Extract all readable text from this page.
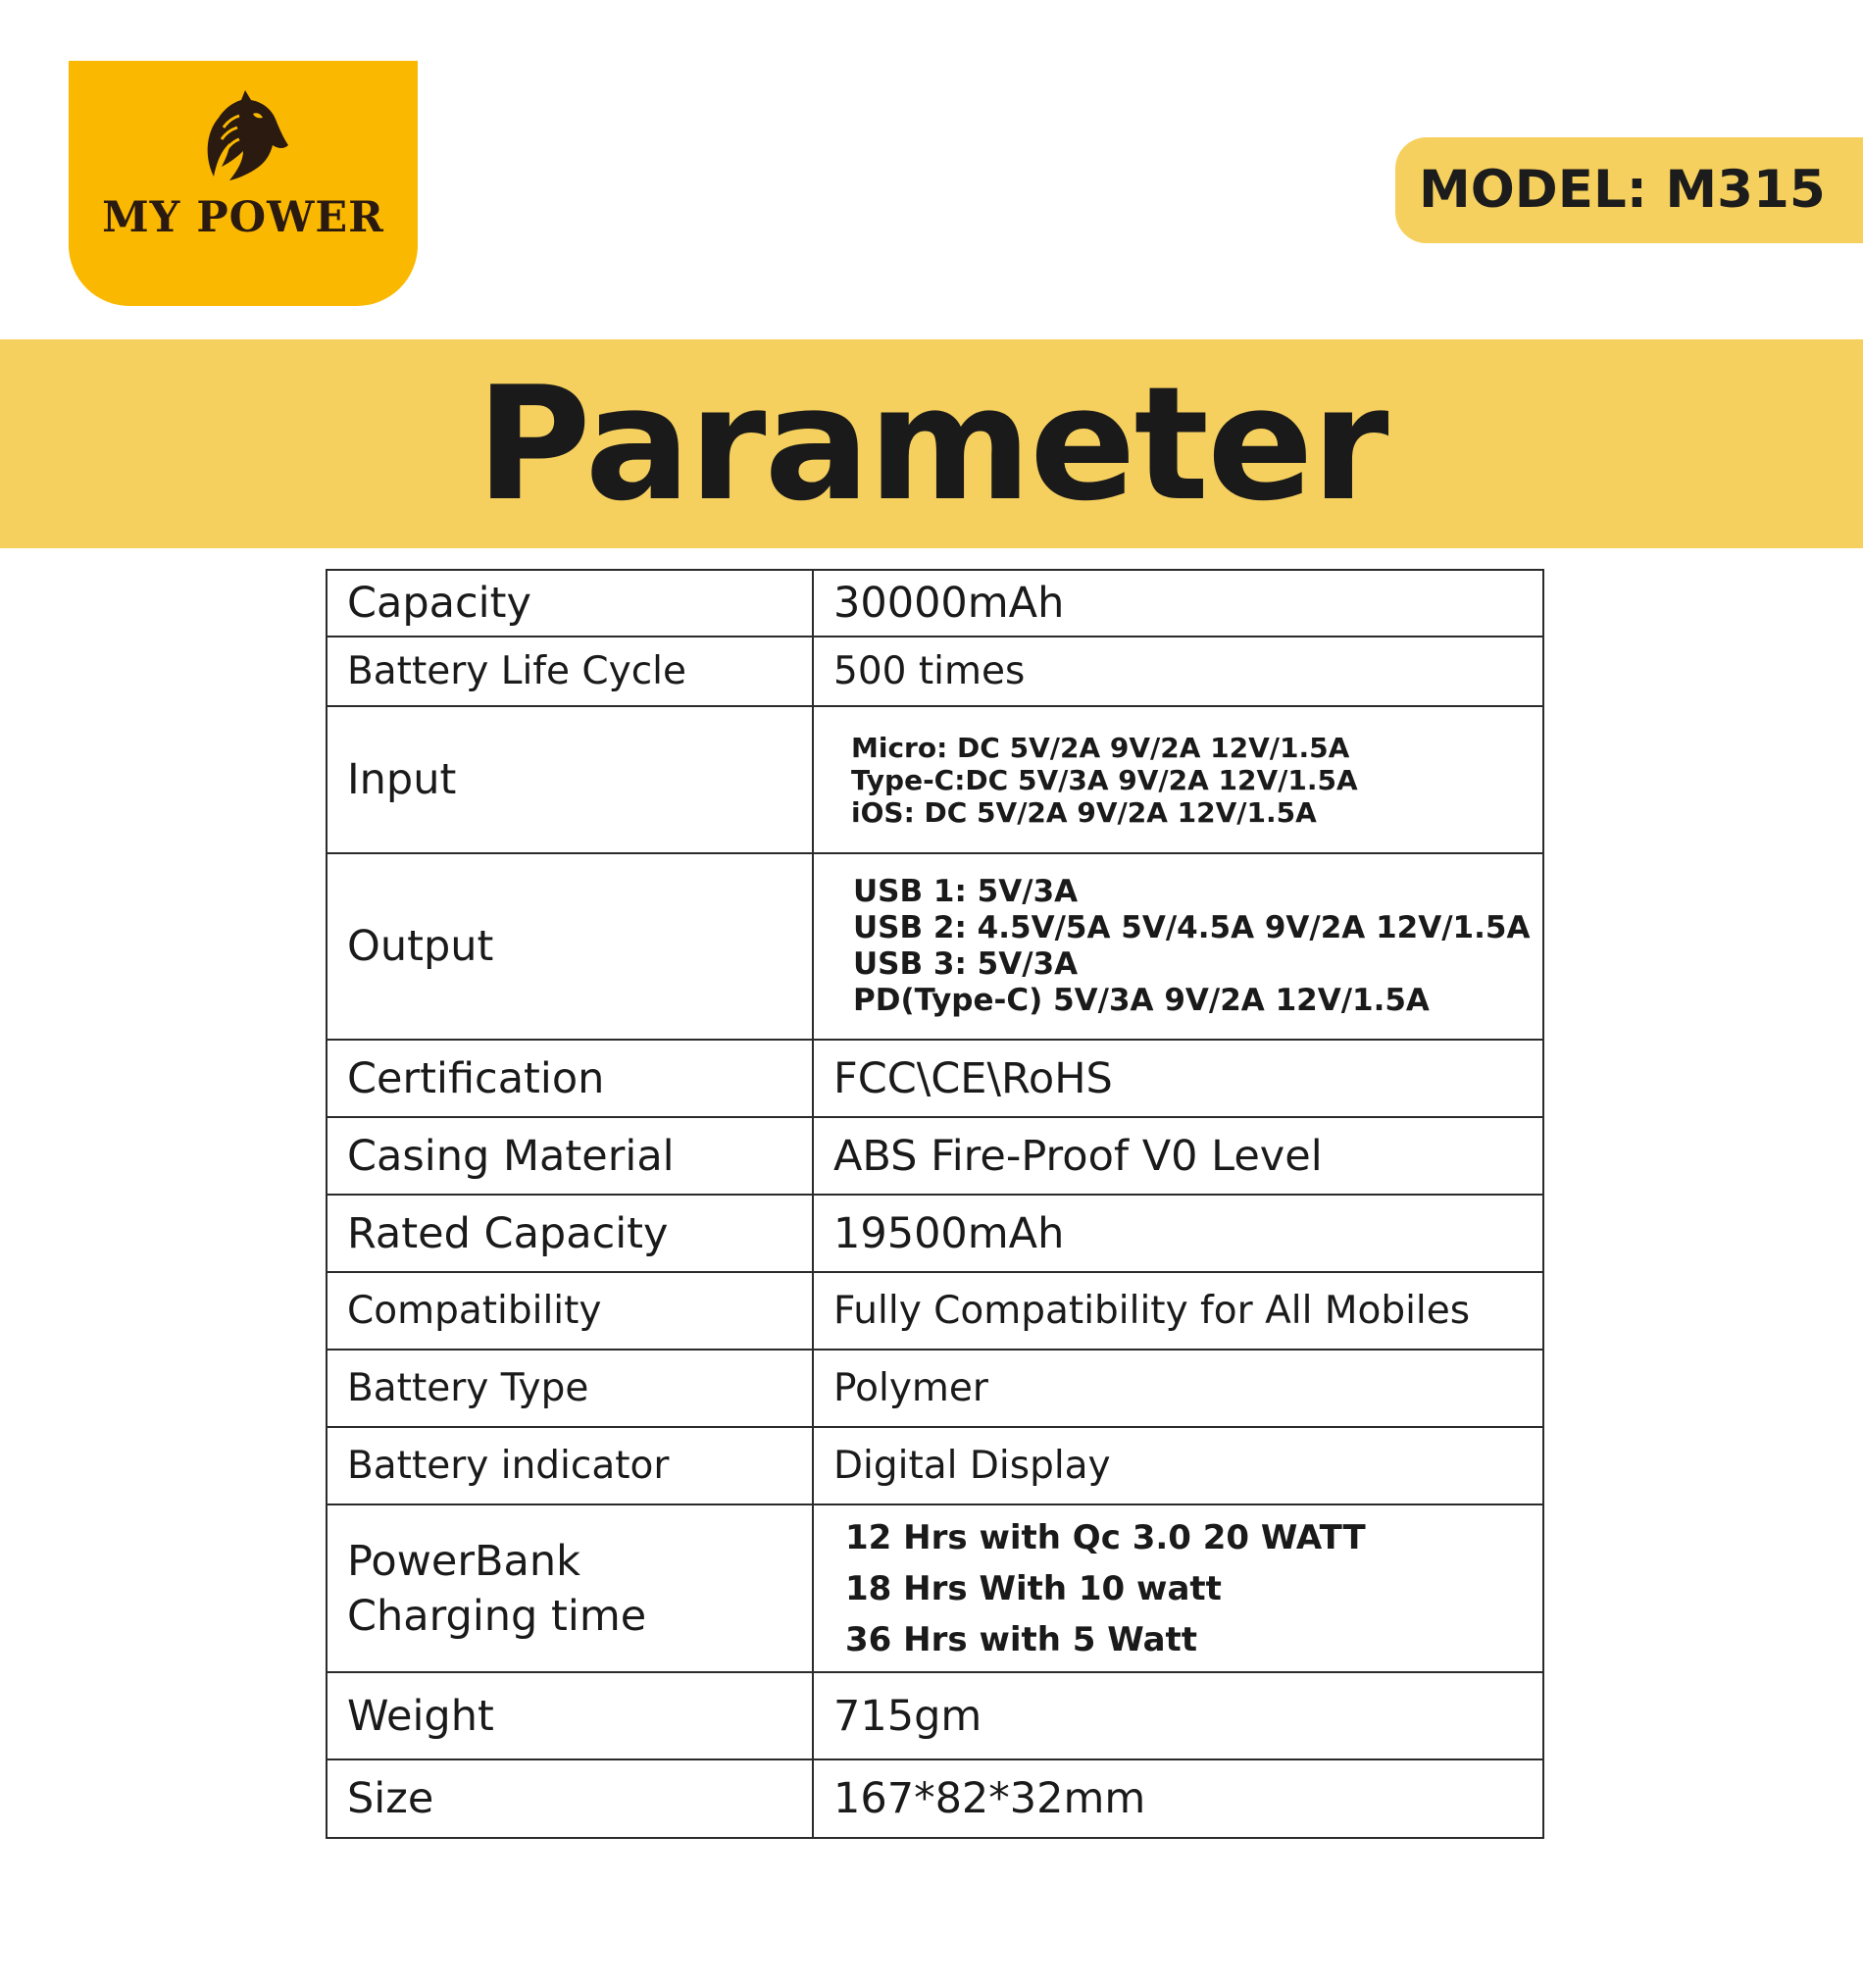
MY POWER	MODEL: M315
Parameter
Capacity	30000mAh
Battery Life Cycle	500 times
Input	Micro: DC 5V/2A 9V/2A 12V/1.5A
Type-C:DC 5V/3A 9V/2A 12V/1.5A
iOS: DC 5V/2A 9V/2A 12V/1.5A

Output	USB 1: 5V/3A
USB 2: 4.5V/5A 5V/4.5A 9V/2A 12V/1.5A
USB 3: 5V/3A
PD(Type-C) 5V/3A 9V/2A 12V/1.5A

Certification	FCC\CE\RoHS
Casing Material	ABS Fire-Proof V0 Level
Rated Capacity	19500mAh
Compatibility	Fully Compatibility for All Mobiles
Battery Type	Polymer
Battery indicator	Digital Display

PowerBank
Charging time	12 Hrs with Qc 3.0 20 WATT
18 Hrs With 10 watt
36 Hrs with 5 Watt

Weight	715gm
Size	167*82*32mm
